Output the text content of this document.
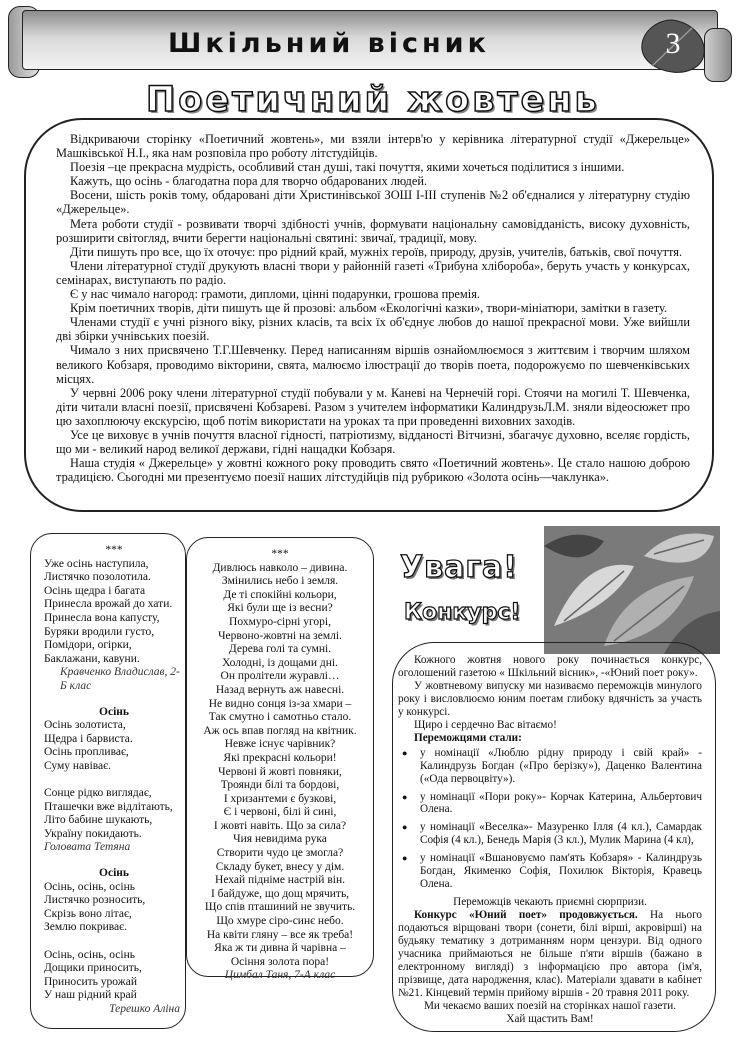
Шкільний вісник	3
Поетичний жовтень

Відкриваючи сторінку «Поетичний жовтень», ми взяли інтерв'ю у керівника літературної студії «Джерельце» Машківської Н.І., яка нам розповіла про роботу літстудійців.

Поезія –це прекрасна мудрість, особливий стан душі, такі почуття, якими хочеться поділитися з іншими.

Кажуть, що осінь - благодатна пора для творчо обдарованих людей.

Восени, шість років тому, обдаровані діти Христинівської ЗОШ І-ІІІ ступенів №2 об'єдналися у літературну студію «Джерельце».

Мета роботи студії - розвивати творчі здібності учнів, формувати національну самовідданість, високу духовність, розширити світогляд, вчити берегти національні святині: звичаї, традиції, мову.

Діти пишуть про все, що їх оточує: про рідний край, мужніх героїв, природу, друзів, учителів, батьків, свої почуття.

Члени літературної студії друкують власні твори у районній газеті «Трибуна хлібороба», беруть участь у конкурсах, семінарах, виступають по радіо.

Є у нас чимало нагород: грамоти, дипломи, цінні подарунки, грошова премія.

Крім поетичних творів, діти пишуть ще й прозові: альбом «Екологічні казки», твори-мініатюри, замітки в газету.

Членами студії є учні різного віку, різних класів, та всіх їх об'єднує любов до нашої прекрасної мови. Уже вийшли дві збірки учнівських поезій.

Чимало з них присвячено Т.Г.Шевченку. Перед написанням віршів ознайомлюємося з життєвим і творчим шляхом великого Кобзаря, проводимо вікторини, свята, малюємо ілюстрації до творів поета, подорожуємо по шевченківських місцях.

У червні 2006 року члени літературної студії побували у м. Каневі на Чернечій горі. Стоячи на могилі Т. Шевченка, діти читали власні поезії, присвячені Кобзареві. Разом з учителем інформатики КалиндрузьЛ.М. зняли відеосюжет про цю захоплюючу екскурсію, щоб потім використати на уроках та при проведенні виховних заходів.

Усе це виховує в учнів почуття власної гідності, патріотизму, відданості Вітчизні, збагачує духовно, вселяє гордість, що ми - великий народ великої держави, гідні нащадки Кобзаря.

Наша студія « Джерельце» у жовтні кожного року проводить свято «Поетичний жовтень». Це стало нашою доброю традицією. Сьогодні ми презентуємо поезії наших літстудійців під рубрикою «Золота осінь—чаклунка».

***
Уже осінь наступила,
Листячко позолотила.
Осінь щедра і багата
Принесла врожай до хати.
Принесла вона капусту,
Буряки вродили густо,
Помідори, огірки,
Баклажани, кавуни.
Кравченко Владислав, 2-Б клас
Осінь
Осінь золотиста,
Щедра і барвиста.
Осінь пропливає,
Суму навіває.

Сонце рідко виглядає,
Пташечки вже відлітають,
Літо бабине шукають,
Україну покидають.
Головата Тетяна
Осінь
Осінь, осінь, осінь
Листячко розносить,
Скрізь воно літає,
Землю покриває.

Осінь, осінь, осінь
Дощики приносить,
Приносить урожай
У наш рідний край
Терешко Аліна
***
Дивлюсь навколо – дивина.
Змінились небо і земля.
Де ті спокійні кольори,
Які були ще із весни?
Похмуро-сірні угорі,
Червоно-жовтні на землі.
Дерева голі та сумні.
Холодні, із дощами дні.
Он пролітели журавлі…
Назад вернуть аж навесні.
Не видно сонця із-за хмари –
Так смутно і самотньо стало.
Аж ось впав погляд на квітник.
Невже існує чарівник?
Які прекрасні кольори!
Червоні й жовті повняки,
Троянди білі та бордові,
І хризантеми є бузкові,
Є і червоні, білі й сині,
І жовті навіть. Що за сила?
Чия невидима рука
Створити чудо це змогла?
Складу букет, внесу у дім.
Нехай підніме настрій він.
І байдуже, що дощ мрячить,
Що спів пташиний не звучить.
Що хмуре сіро-синє небо.
На квіти гляну – все як треба!
Яка ж ти дивна й чарівна –
Осіння золота пора!
Цимбал Таня, 7-А клас
Увага!
Конкурс!

Кожного жовтня нового року починається конкурс, оголошений газетою « Шкільний вісник», -«Юний поет року».

У жовтневому випуску ми називаємо переможців минулого року і висловлюємо юним поетам глибоку вдячність за участь у конкурсі.

Щиро і сердечно Вас вітаємо!

Переможцями стали:

● у номінації «Люблю рідну природу і свій край» - Калиндрузь Богдан («Про берізку»), Даценко Валентина («Ода первоцвіту»).
● у номінації «Пори року»- Корчак Катерина, Альбертович Олена.
● у номінації «Веселка»- Мазуренко Ілля (4 кл.), Самардак Софія (4 кл.), Бенедь Марія (3 кл.), Мулик Марина (4 кл),
● у номінації «Вшановуємо пам'ять Кобзаря» - Калиндрузь Богдан, Якименко Софія, Похилюк Вікторія, Кравець Олена.

Переможців чекають приємні сюрпризи.

Конкурс «Юний поет» продовжується. На нього подаються вірщовані твори (сонети, білі вірші, акровірші) на будьяку тематику з дотриманням норм цензури. Від одного учасника приймаються не більше п'яти віршів (бажано в електронному вигляді) з інформацією про автора (ім'я, прізвище, дата народження, клас). Матеріали здавати в кабінет №21. Кінцевий термін прийому віршів - 20 травня 2011 року.

Ми чекаємо ваших поезій на сторінках нашої газети.

Хай щастить Вам!
